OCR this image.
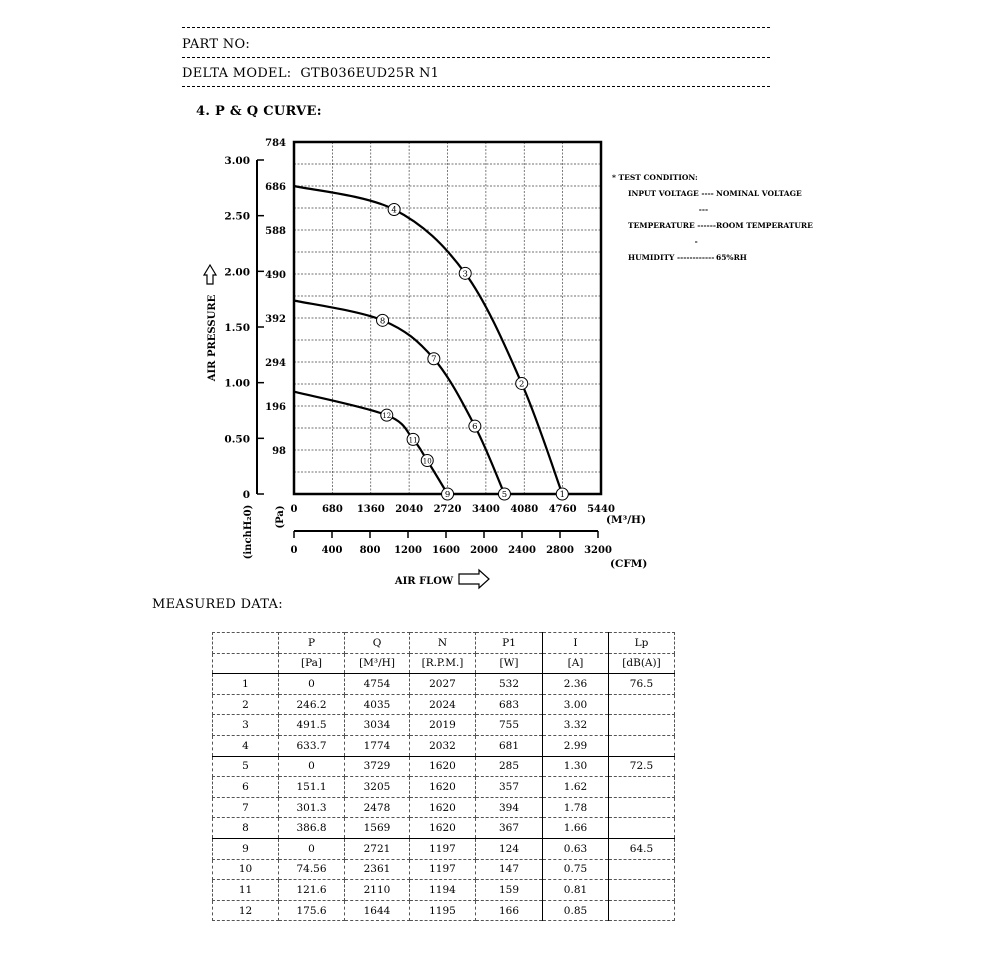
PART NO:
DELTA MODEL: GTB036EUD25R N1
4. P & Q CURVE:
3.00
2.50
2.00
1.50
1.00
0.50
0
784
686
588
490
392
294
196
98
AIR PRESSURE
0 680 1360 2040 2720 3400 4080 4760 5440
(M³/H)
0 400 800 1200 1600 2000 2400 2800 3200
(CFM)
(Pa)
(inchH₂0)
AIR FLOW
4
3
2
1
8
7
6
5
12
11
10
9
* TEST CONDITION:
INPUT VOLTAGE -------
NOMINAL VOLTAGE
TEMPERATURE -------
ROOM TEMPERATURE
HUMIDITY ------------ 65%RH
MEASURED DATA:
	P	Q	N	P1	I	Lp
	[Pa]	[M³/H]	[R.P.M.]	[W]	[A]	[dB(A)]
1	0	4754	2027	532	2.36	76.5
2	246.2	4035	2024	683	3.00	
3	491.5	3034	2019	755	3.32	
4	633.7	1774	2032	681	2.99	
5	0	3729	1620	285	1.30	72.5
6	151.1	3205	1620	357	1.62	
7	301.3	2478	1620	394	1.78	
8	386.8	1569	1620	367	1.66	
9	0	2721	1197	124	0.63	64.5
10	74.56	2361	1197	147	0.75	
11	121.6	2110	1194	159	0.81	
12	175.6	1644	1195	166	0.85	
